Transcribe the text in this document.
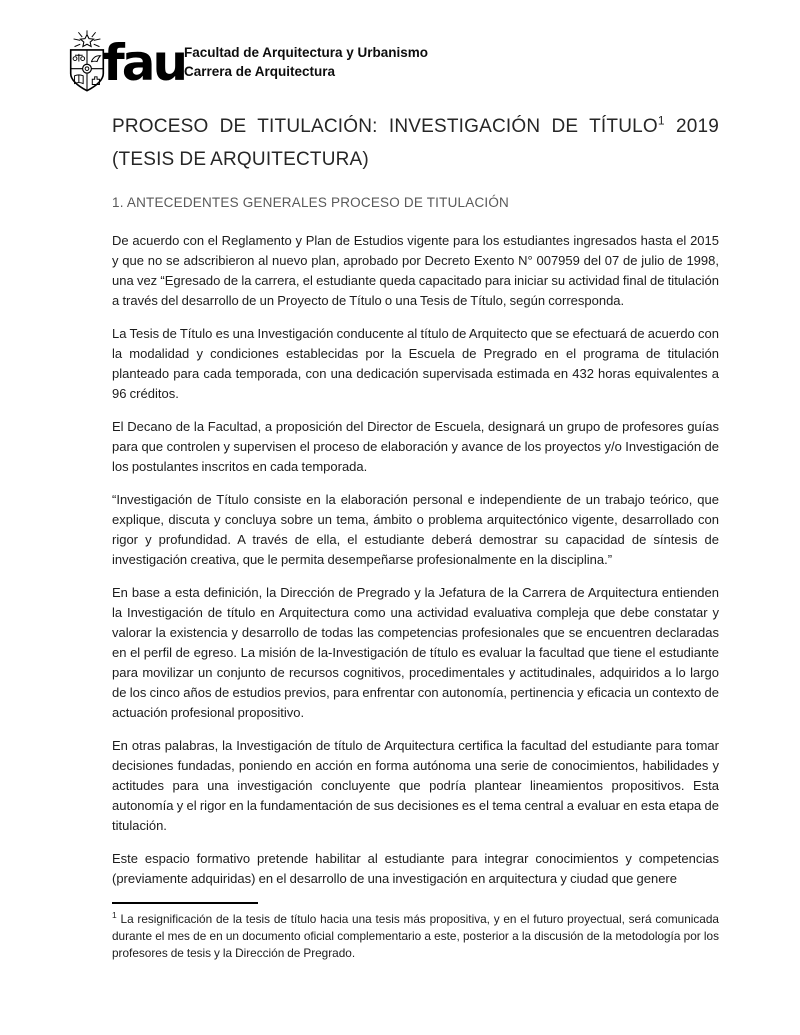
fau
Facultad de Arquitectura y Urbanismo
Carrera de Arquitectura
PROCESO DE TITULACIÓN: INVESTIGACIÓN DE TÍTULO$^1$ 2019 (TESIS DE ARQUITECTURA)
1. ANTECEDENTES GENERALES PROCESO DE TITULACIÓN

De acuerdo con el Reglamento y Plan de Estudios vigente para los estudiantes ingresados hasta el 2015 y que no se adscribieron al nuevo plan, aprobado por Decreto Exento N° 007959 del 07 de julio de 1998, una vez “Egresado de la carrera, el estudiante queda capacitado para iniciar su actividad final de titulación a través del desarrollo de un Proyecto de Título o una Tesis de Título, según corresponda.

La Tesis de Título es una Investigación conducente al título de Arquitecto que se efectuará de acuerdo con la modalidad y condiciones establecidas por la Escuela de Pregrado en el programa de titulación planteado para cada temporada, con una dedicación supervisada estimada en 432 horas equivalentes a 96 créditos.

El Decano de la Facultad, a proposición del Director de Escuela, designará un grupo de profesores guías para que controlen y supervisen el proceso de elaboración y avance de los proyectos y/o Investigación de los postulantes inscritos en cada temporada.

“Investigación de Título consiste en la elaboración personal e independiente de un trabajo teórico, que explique, discuta y concluya sobre un tema, ámbito o problema arquitectónico vigente, desarrollado con rigor y profundidad. A través de ella, el estudiante deberá demostrar su capacidad de síntesis de investigación creativa, que le permita desempeñarse profesionalmente en la disciplina.”

En base a esta definición, la Dirección de Pregrado y la Jefatura de la Carrera de Arquitectura entienden la Investigación de título en Arquitectura como una actividad evaluativa compleja que debe constatar y valorar la existencia y desarrollo de todas las competencias profesionales que se encuentren declaradas en el perfil de egreso. La misión de la-Investigación de título es evaluar la facultad que tiene el estudiante para movilizar un conjunto de recursos cognitivos, procedimentales y actitudinales, adquiridos a lo largo de los cinco años de estudios previos, para enfrentar con autonomía, pertinencia y eficacia un contexto de actuación profesional propositivo.

En otras palabras, la Investigación de título de Arquitectura certifica la facultad del estudiante para tomar decisiones fundadas, poniendo en acción en forma autónoma una serie de conocimientos, habilidades y actitudes para una investigación concluyente que podría plantear lineamientos propositivos. Esta autonomía y el rigor en la fundamentación de sus decisiones es el tema central a evaluar en esta etapa de titulación.

Este espacio formativo pretende habilitar al estudiante para integrar conocimientos y competencias (previamente adquiridas) en el desarrollo de una investigación en arquitectura y ciudad que genere

$^1$ La resignificación de la tesis de título hacia una tesis más propositiva, y en el futuro proyectual, será comunicada durante el mes de en un documento oficial complementario a este, posterior a la discusión de la metodología por los profesores de tesis y la Dirección de Pregrado.
